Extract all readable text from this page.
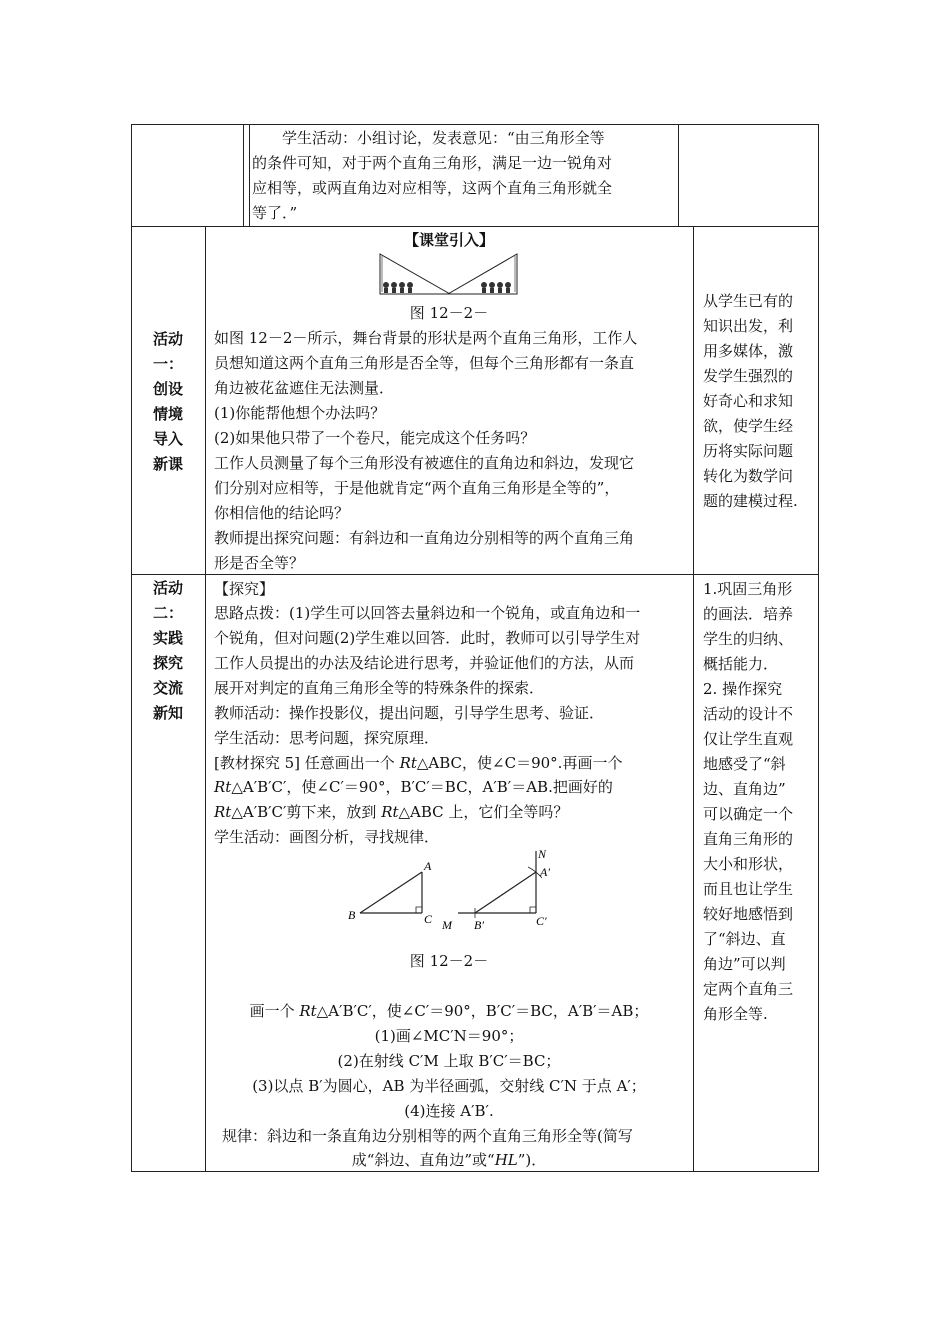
　　学生活动：小组讨论，发表意见：“由三角形全等
的条件可知，对于两个直角三角形，满足一边一锐角对
应相等，或两直角边对应相等，这两个直角三角形就全
等了．”
活动
一：
创设
情境
导入
新课
【课堂引入】
图 12－2－
如图 12－2－所示，舞台背景的形状是两个直角三角形，工作人
员想知道这两个直角三角形是否全等，但每个三角形都有一条直
角边被花盆遮住无法测量．
(1)你能帮他想个办法吗？
(2)如果他只带了一个卷尺，能完成这个任务吗？
工作人员测量了每个三角形没有被遮住的直角边和斜边，发现它
们分别对应相等，于是他就肯定“两个直角三角形是全等的”，
你相信他的结论吗？
教师提出探究问题：有斜边和一直角边分别相等的两个直角三角
形是否全等？
从学生已有的
知识出发，利
用多媒体，激
发学生强烈的
好奇心和求知
欲，使学生经
历将实际问题
转化为数学问
题的建模过程.
活动
二：
实践
探究
交流
新知
【探究】
思路点拨：(1)学生可以回答去量斜边和一个锐角，或直角边和一
个锐角，但对问题(2)学生难以回答．此时，教师可以引导学生对
工作人员提出的办法及结论进行思考，并验证他们的方法，从而
展开对判定的直角三角形全等的特殊条件的探索．
教师活动：操作投影仪，提出问题，引导学生思考、验证．
学生活动：思考问题，探究原理．
[教材探究 5] 任意画出一个 Rt△ABC，使∠C＝90°.再画一个
Rt△A′B′C′，使∠C′＝90°，B′C′＝BC，A′B′＝AB.把画好的
Rt△A′B′C′剪下来，放到 Rt△ABC 上，它们全等吗？
学生活动：画图分析，寻找规律．
B
A
C M
N
A′
B′	C′
图 12－2－
画一个 Rt△A′B′C′，使∠C′＝90°，B′C′＝BC，A′B′＝AB；
(1)画∠MC′N＝90°；
(2)在射线 C′M 上取 B′C′＝BC；
(3)以点 B′为圆心，AB 为半径画弧，交射线 C′N 于点 A′；
(4)连接 A′B′.
规律：斜边和一条直角边分别相等的两个直角三角形全等(简写
成“斜边、直角边”或“HL”)．
1.巩固三角形
的画法．培养
学生的归纳、
概括能力．
2. 操作探究
活动的设计不
仅让学生直观
地感受了“斜
边、直角边”
可以确定一个
直角三角形的
大小和形状，
而且也让学生
较好地感悟到
了“斜边、直
角边”可以判
定两个直角三
角形全等.
